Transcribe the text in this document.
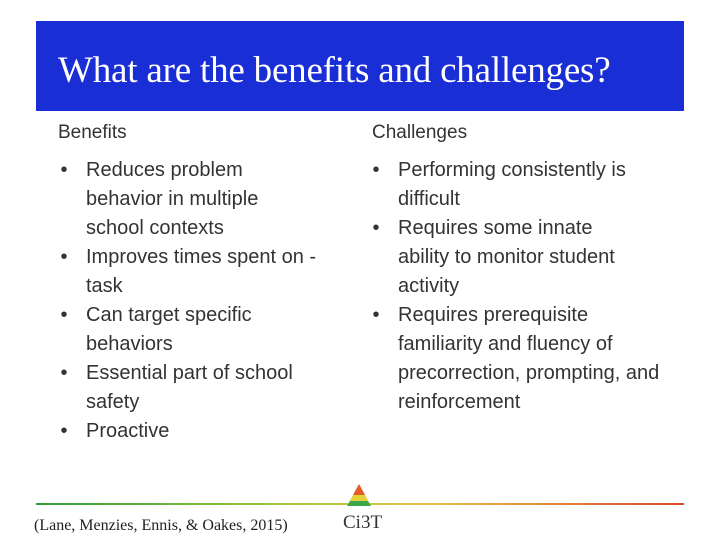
What are the benefits and challenges?
Benefits	Challenges
• Reduces problem behavior in multiple school contexts
• Improves times spent on -task
• Can target specific behaviors
• Essential part of school safety
• Proactive
• Performing consistently is difficult
• Requires some innate ability to monitor student activity
• Requires prerequisite familiarity and fluency of precorrection, prompting, and reinforcement
(Lane, Menzies, Ennis, & Oakes, 2015)	Ci3T
